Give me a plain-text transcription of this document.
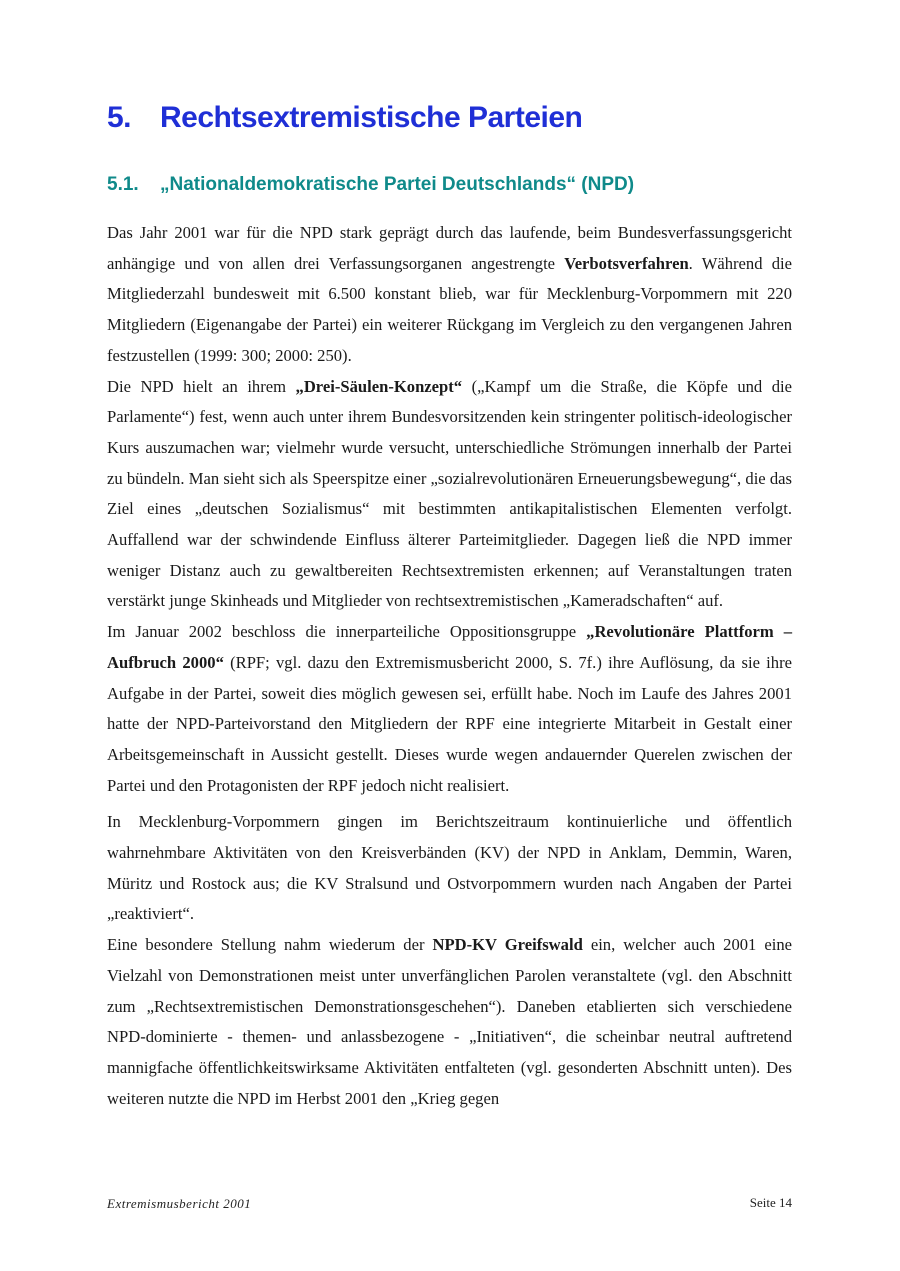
5. Rechtsextremistische Parteien
5.1. „Nationaldemokratische Partei Deutschlands“ (NPD)

Das Jahr 2001 war für die NPD stark geprägt durch das laufende, beim Bundesverfassungsgericht anhängige und von allen drei Verfassungsorganen angestrengte Verbotsverfahren. Während die Mitgliederzahl bundesweit mit 6.500 konstant blieb, war für Mecklenburg-Vorpommern mit 220 Mitgliedern (Eigenangabe der Partei) ein weiterer Rückgang im Vergleich zu den vergangenen Jahren festzustellen (1999: 300; 2000: 250).

Die NPD hielt an ihrem „Drei-Säulen-Konzept“ („Kampf um die Straße, die Köpfe und die Parlamente“) fest, wenn auch unter ihrem Bundesvorsitzenden kein stringenter politisch-ideologischer Kurs auszumachen war; vielmehr wurde versucht, unterschiedliche Strömungen innerhalb der Partei zu bündeln. Man sieht sich als Speerspitze einer „sozialrevolutionären Erneuerungsbewegung“, die das Ziel eines „deutschen Sozialismus“ mit bestimmten antikapitalistischen Elementen verfolgt. Auffallend war der schwindende Einfluss älterer Parteimitglieder. Dagegen ließ die NPD immer weniger Distanz auch zu gewaltbereiten Rechtsextremisten erkennen; auf Veranstaltungen traten verstärkt junge Skinheads und Mitglieder von rechtsextremistischen „Kameradschaften“ auf.

Im Januar 2002 beschloss die innerparteiliche Oppositionsgruppe „Revolutionäre Plattform – Aufbruch 2000“ (RPF; vgl. dazu den Extremismusbericht 2000, S. 7f.) ihre Auflösung, da sie ihre Aufgabe in der Partei, soweit dies möglich gewesen sei, erfüllt habe. Noch im Laufe des Jahres 2001 hatte der NPD-Parteivorstand den Mitgliedern der RPF eine integrierte Mitarbeit in Gestalt einer Arbeitsgemeinschaft in Aussicht gestellt. Dieses wurde wegen andauernder Querelen zwischen der Partei und den Protagonisten der RPF jedoch nicht realisiert.

In Mecklenburg-Vorpommern gingen im Berichtszeitraum kontinuierliche und öffentlich wahrnehmbare Aktivitäten von den Kreisverbänden (KV) der NPD in Anklam, Demmin, Waren, Müritz und Rostock aus; die KV Stralsund und Ostvorpommern wurden nach Angaben der Partei „reaktiviert“.

Eine besondere Stellung nahm wiederum der NPD-KV Greifswald ein, welcher auch 2001 eine Vielzahl von Demonstrationen meist unter unverfänglichen Parolen veranstaltete (vgl. den Abschnitt zum „Rechtsextremistischen Demonstrationsgeschehen“). Daneben etablierten sich verschiedene NPD-dominierte - themen- und anlassbezogene - „Initiativen“, die scheinbar neutral auftretend mannigfache öffentlichkeitswirksame Aktivitäten entfalteten (vgl. gesonderten Abschnitt unten). Des weiteren nutzte die NPD im Herbst 2001 den „Krieg gegen

Extremismusbericht 2001	Seite 14
